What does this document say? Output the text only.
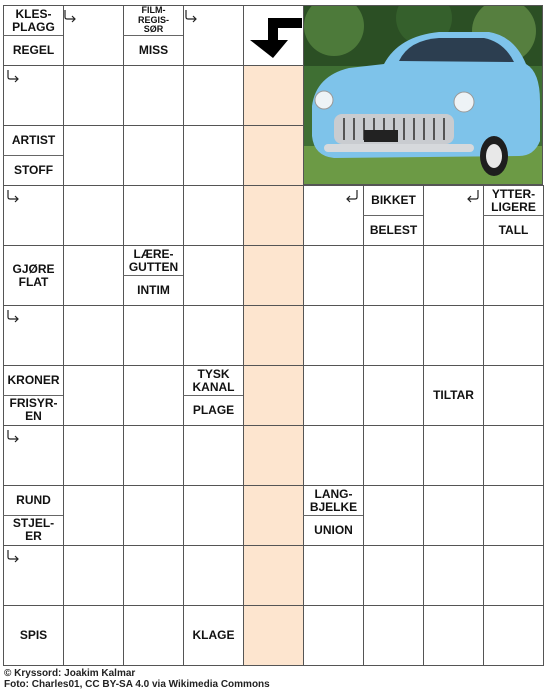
KLES-
PLAGG
REGEL
FILM-
REGIS-
SØR
MISS
ARTIST
STOFF
BIKKET
BELEST
YTTER-
LIGERE
TALL
GJØRE
FLAT
LÆRE-
GUTTEN
INTIM
KRONER
FRISYR-
EN
TYSK
KANAL
PLAGE
TILTAR
RUND
STJEL-
ER
LANG-
BJELKE
UNION
SPIS	KLAGE
© Kryssord: Joakim Kalmar
Foto: Charles01, CC BY-SA 4.0 via Wikimedia Commons
